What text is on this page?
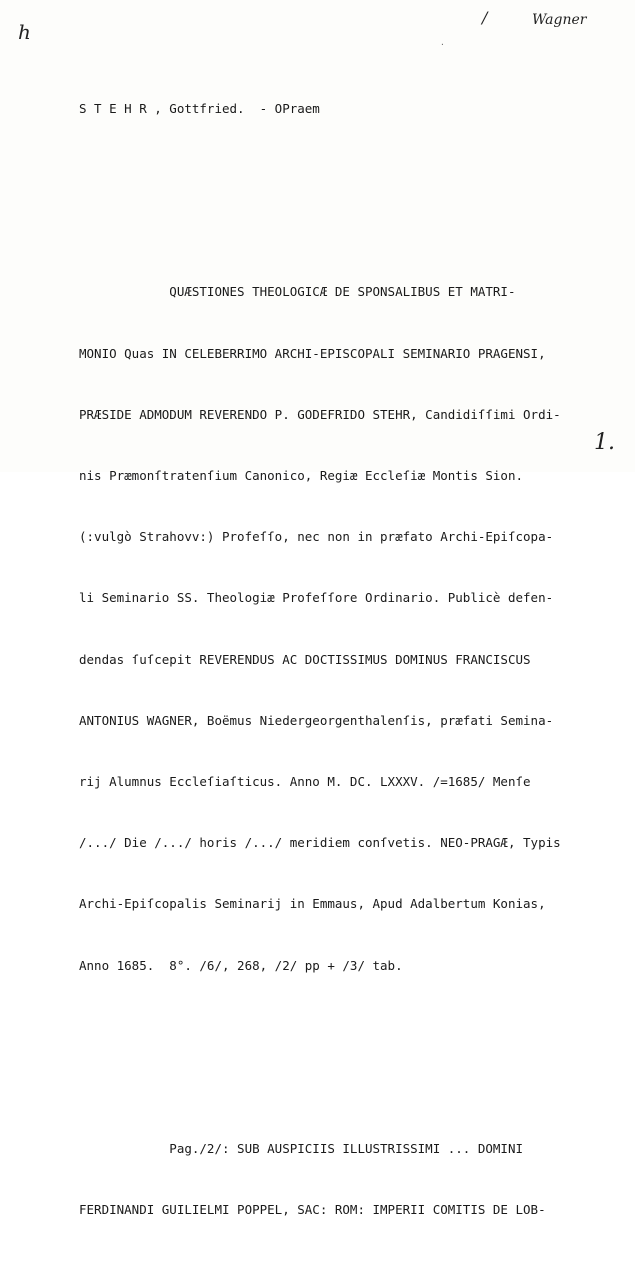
h
/	Wagner
·

S T E H R , Gottfried.  - OPraem

QUÆSTIONES THEOLOGICÆ DE SPONSALIBUS ET MATRI-

MONIO Quas IN CELEBERRIMO ARCHI-EPISCOPALI SEMINARIO PRAGENSI,

PRÆSIDE ADMODUM REVERENDO P. GODEFRIDO STEHR, Candidiſſimi Ordi-

nis Præmonſtratenſium Canonico, Regiæ Eccleſiæ Montis Sion.

(:vulgò Strahovv:) Profeſſo, nec non in præfato Archi-Epiſcopa-

li Seminario SS. Theologiæ Profeſſore Ordinario. Publicè defen-

dendas ſuſcepit REVERENDUS AC DOCTISSIMUS DOMINUS FRANCISCUS

ANTONIUS WAGNER, Boëmus Niedergeorgenthalenſis, præfati Semina-

rij Alumnus Eccleſiaſticus. Anno M. DC. LXXXV. /=1685/ Menſe

/.../ Die /.../ horis /.../ meridiem conſvetis. NEO-PRAGÆ, Typis

Archi-Epiſcopalis Seminarij in Emmaus, Apud Adalbertum Konias,

Anno 1685.  8°. /6/, 268, /2/ pp + /3/ tab.

Pag./2/: SUB AUSPICIIS ILLUSTRISSIMI ... DOMINI

FERDINANDI GUILIELMI POPPEL, SAC: ROM: IMPERII COMITIS DE LOB-

1.
